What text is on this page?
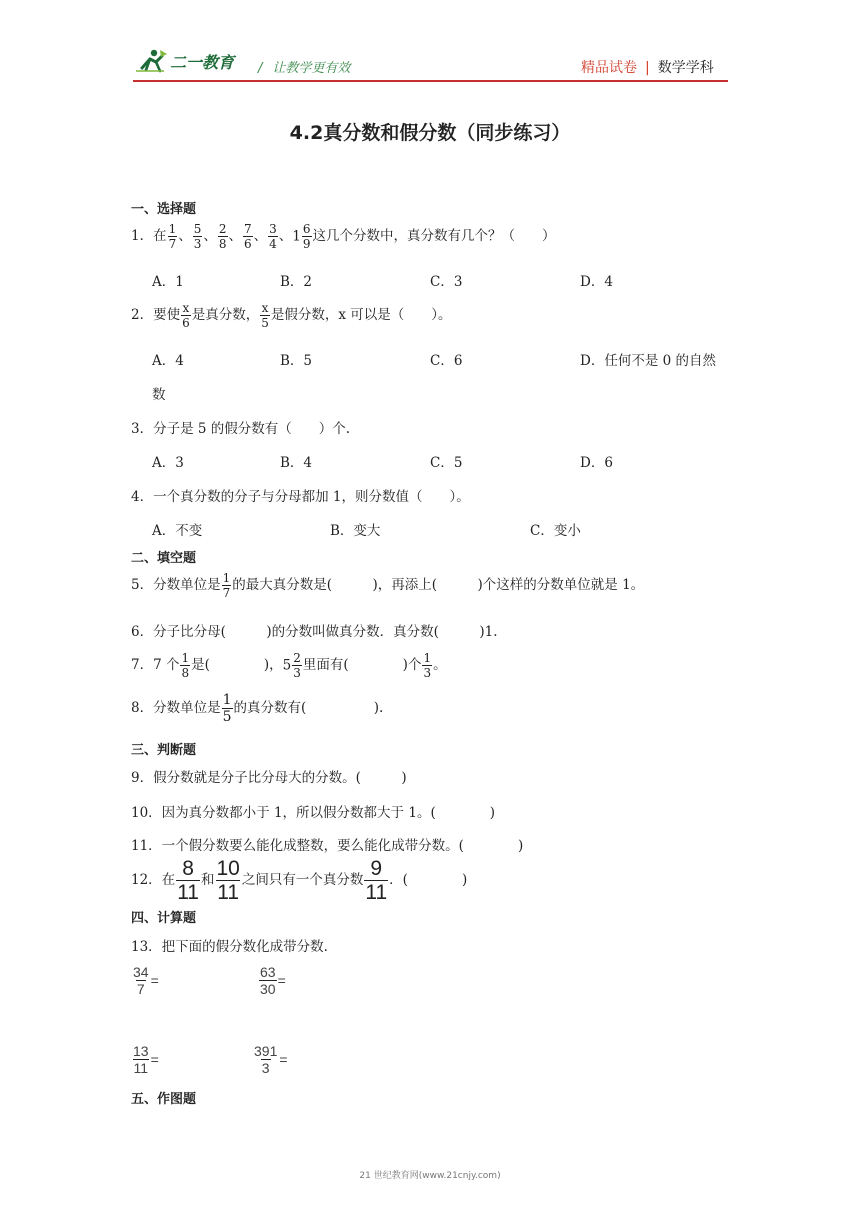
二一教育 / 让教学更有效	精品试卷 | 数学学科
4.2真分数和假分数（同步练习）
一、选择题
1．在 $\frac{1}{7}$ 、 $\frac{5}{3}$ 、 $\frac{2}{8}$ 、 $\frac{7}{6}$ 、 $\frac{3}{4}$ 、$1 \frac{6}{9}$ 这几个分数中，真分数有几个？（　　）
A．1	B．2	C．3	D．4
2．要使 $\frac{x}{6}$ 是真分数， $\frac{x}{5}$ 是假分数，x 可以是（　　）。
A．4	B．5	C．6	D．任何不是 0 的自然
数
3．分子是 5 的假分数有（　　）个.
A．3	B．4	C．5	D．6
4．一个真分数的分子与分母都加 1，则分数值（　　）。
A．不变	B．变大	C．变小
二、填空题
5．分数单位是 $\frac{1}{7}$ 的最大真分数是(　　　)，再添上(　　　)个这样的分数单位就是 1。
6．分子比分母(　　　)的分数叫做真分数．真分数(　　　)1.
7．7 个 $\frac{1}{8}$ 是(　　　　)，$5 \frac{2}{3}$ 里面有(　　　　)个 $\frac{1}{3}$ 。
8．分数单位是 $\frac{1}{5}$ 的真分数有(　　　　　).
三、判断题
9．假分数就是分子比分母大的分数。(　　　)
10．因为真分数都小于 1，所以假分数都大于 1。(　　　　)
11．一个假分数要么能化成整数，要么能化成带分数。(　　　　)
12．在 $\frac{8}{11}$ 和 $\frac{10}{11}$ 之间只有一个真分数 $\frac{9}{11}$ ．(　　　　)
四、计算题
13．把下面的假分数化成带分数.
$\frac{34}{7}$ =	$\frac{63}{30}$ =
$\frac{13}{11}$ =	$\frac{391}{3}$ =
五、作图题
21 世纪教育网(www.21cnjy.com)
